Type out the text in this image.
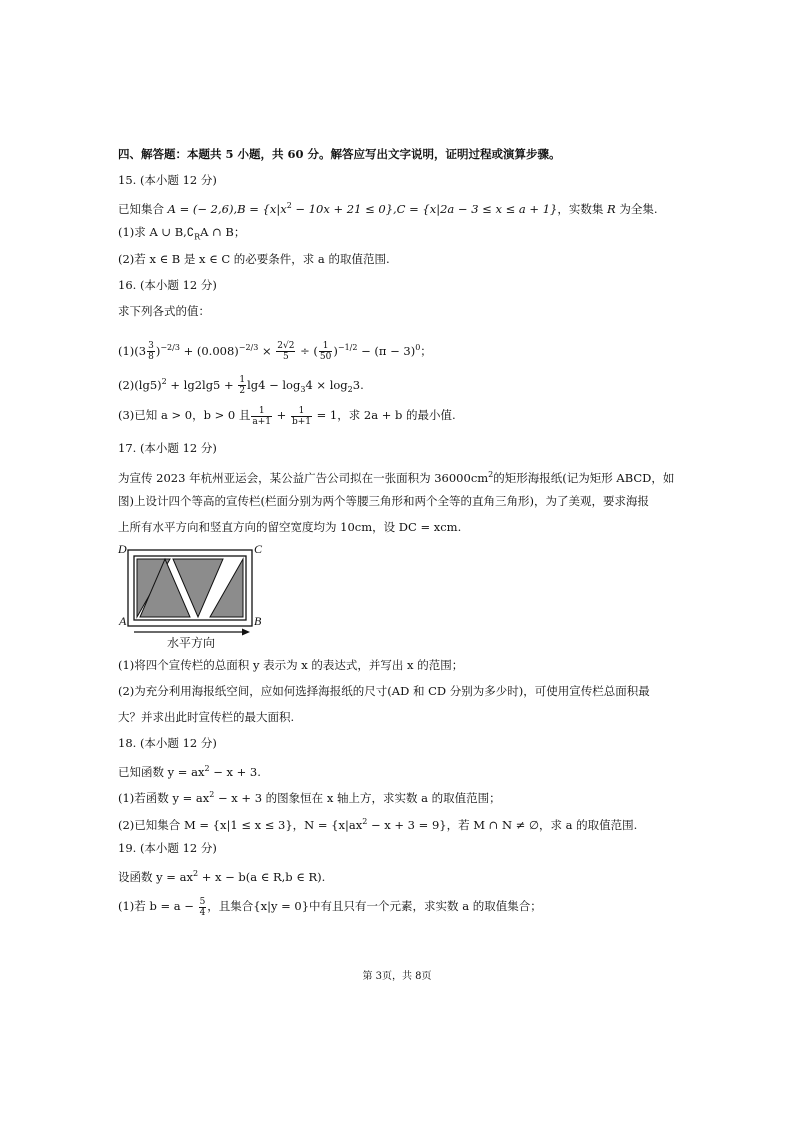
四、解答题：本题共 5 小题，共 60 分。解答应写出文字说明，证明过程或演算步骤。
15. (本小题 12 分)
已知集合 A = (− $2,6),B = \{x|x^2 - 10x + 21 \le 0\},C = \{x|2a - 3 \le x \le a + 1\}$，实数集 R 为全集.
(1)求 A ∪ $B,∁_RA$ ∩ B；
(2)若 x ∈ B 是 x ∈ C 的必要条件，求 a 的取值范围.
16. (本小题 12 分)
求下列各式的值：
$(1)(3 \frac{3}{8} )^{-2/3} + (0.008)^{-2/3} \times \frac{2√2}{5}$ ÷ ( $\frac{1}{50} )^{-1/2} - (\pi - 3)^0$；
$(2)(\lg 5)^2 + \lg 2\lg 5 + \frac{1}{2} \lg 4 - \log_34 \times \log_23$.
(3)已知 a > 0，b > 0 且 $\frac{1}{a+1} + \frac{1}{b+1} = 1$，求 2a + b 的最小值.
17. (本小题 12 分)
为宣传 2023 年杭州亚运会，某公益广告公司拟在一张面积为 $36000cm^2$的矩形海报纸(记为矩形 ABCD，如
图)上设计四个等高的宣传栏(栏面分别为两个等腰三角形和两个全等的直角三角形)，为了美观，要求海报
上所有水平方向和竖直方向的留空宽度均为 10cm，设 DC = xcm.
D	C
A	B
水平方向
(1)将四个宣传栏的总面积 y 表示为 x 的表达式，并写出 x 的范围；
(2)为充分利用海报纸空间，应如何选择海报纸的尺寸(AD 和 CD 分别为多少时)，可使用宣传栏总面积最
大？并求出此时宣传栏的最大面积.
18. (本小题 12 分)
已知函数 $y = ax^2 - x + 3$.
(1)若函数 $y = ax^2 - x + 3$ 的图象恒在 x 轴上方，求实数 a 的取值范围；
(2)已知集合 M = {x|1 ≤ x ≤ 3}，$N = \{x|ax^2 - x + 3 = 9\}$，若 M ∩ N ≠ ∅，求 a 的取值范围.
19. (本小题 12 分)
设函数 $y = ax^2 + x - b(a$ ∈ R,b ∈ R).
(1)若 $b = a - \frac{5}{4}$ ，且集合{x|y = 0}中有且只有一个元素，求实数 a 的取值集合；
第 3页，共 8页
